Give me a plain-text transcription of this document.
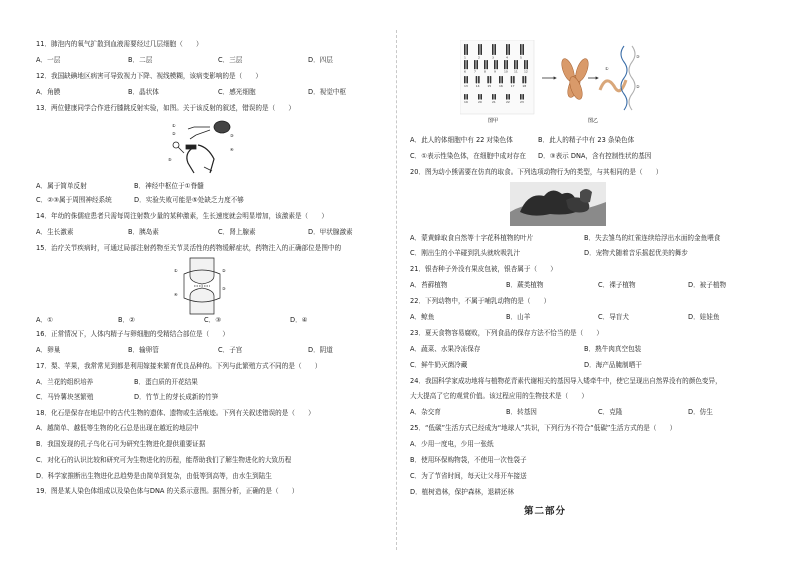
11．肺泡内的氧气扩散到血液需要经过几层细胞（　　）
A．一层	B．二层	C．三层	D．四层
12．我国缺碘地区病害可导致视力下降、视线模糊，该病变影响的是（　　）
A．角膜	B．晶状体	C．感光细胞	D．视觉中枢
13．两位健康同学合作进行膝跳反射实验，如图。关于该反射的叙述，错误的是（　　）
①
②	③
④
⑤
A．属于简单反射	B．神经中枢位于①脊髓
C．②③属于周围神经系统	D．实验失败可能是⑤处缺乏力度不够
14．年幼的侏儒症患者只需每周注射数少量的某种激素，生长速度就会明显增加，该激素是（　　）
A．生长激素	B．胰岛素	C．肾上腺素	D．甲状腺激素
15．治疗关节疾病时，可通过局部注射药物至关节灵活性的药物缓解症状，药物注入的正确部位是图中的
①	②
③
④
A．①	B．②	C．③	D．④
16．正常情况下，人体内精子与卵细胞的受精结合部位是（　　）
A．卵巢	B．输卵管	C．子宫	D．阴道
17．梨、苹果，我常常见到都是利用嫁接来繁育优良品种的。下列与此繁殖方式不同的是（　　）
A．兰花的组织培养	B．蛋白质的开花结果
C．马铃薯块茎繁殖	D．竹节上的芽长成新的竹笋
18．化石是保存在地层中的古代生物的遗体、遗物或生活痕迹。下列有关叙述错误的是（　　）
A．越简单、越低等生物的化石总是出现在越近的地层中
B．我国发现的孔子鸟化石可为研究生物进化提供重要证据
C．对化石的认识比较和研究可为生物进化的历程，能帮助我们了解生物进化的大致历程
D．科学家推断出生物进化总趋势是由简单到复杂，由低等到高等，由水生到陆生
19．图是某人染色体组成以及染色体与DNA 的关系示意图。据图分析，正确的是（　　）
1	2	3	4	5
6	7	8	9	10 11 12
13	14	15	16	17	18
19	20	21	22	23
①
②
③
图甲	图乙
A．此人的体细胞中有 22 对染色体	B．此人的精子中有 23 条染色体
C．①表示性染色体，在细胞中成对存在 D．③表示 DNA，含有控制性状的基因
20．图为动小熊需要在仿真的取食。下列选项动物行为的类型，与其相同的是（　　）
A．蒙黄蜂取食自然等十字花科植物的叶片	B．失去雏鸟的红雀连续给浮出水面的金鱼喂食
C．刚出生的小羊碰到乳头就吮吸乳汁	D．宠物犬随着音乐摇起优美的舞步
21．银杏种子外没有果皮包被，银杏属于（　　）
A．苔藓植物	B．蕨类植物	C．裸子植物	D．被子植物
22．下列动物中，不属于哺乳动物的是（　　）
A．鲸鱼	B．山羊	C．导盲犬	D．娃娃鱼
23．夏天食物容易腐败，下列食品的保存方法不恰当的是（　　）
A．蔬菜、水果冷冻保存	B．熟牛肉真空包装
C．鲜牛奶灭菌冷藏	D．海产品腌制晒干
24．我国科学家成功地将与植物花青素代谢相关的基因导入矮牵牛中，使它呈现出自然界没有的颜色变异，
大大提高了它的观赏价值。该过程应用的生物技术是（　　）
A．杂交育	B．转基因	C．克隆	D．仿生
25．“低碳”生活方式已经成为“地球人”共识，下列行为不符合“低碳”生活方式的是（　　）
A．少用一度电，少用一张纸
B．使用环保购物袋，不使用一次性袋子
C．为了节省时间，每天让父母开车接送
D．植树造林，保护森林，退耕还林
第二部分
